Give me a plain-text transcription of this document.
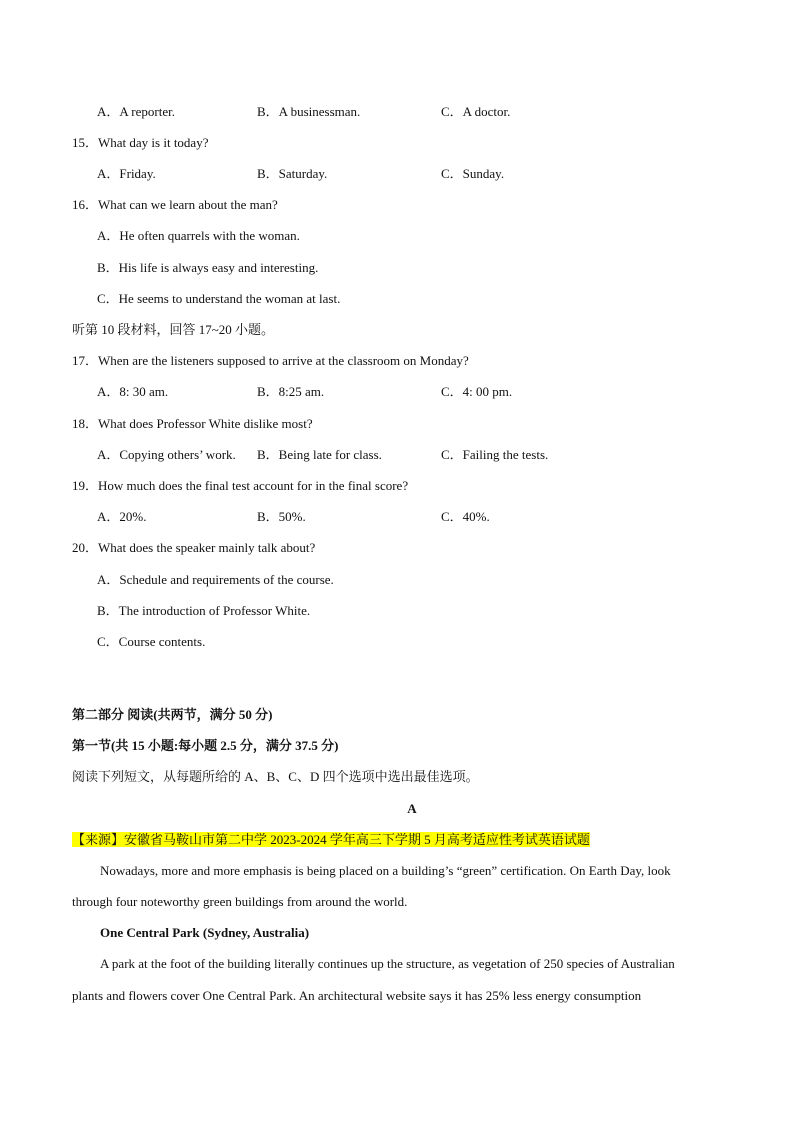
A．A reporter.	B．A businessman.	C．A doctor.
15．What day is it today?
A．Friday.	B．Saturday.	C．Sunday.
16．What can we learn about the man?
A．He often quarrels with the woman.
B．His life is always easy and interesting.
C．He seems to understand the woman at last.
听第 10 段材料，回答 17~20 小题。
17．When are the listeners supposed to arrive at the classroom on Monday?
A．8: 30 am.	B．8:25 am.	C．4: 00 pm.
18．What does Professor White dislike most?
A．Copying others’ work. B．Being late for class.	C．Failing the tests.
19．How much does the final test account for in the final score?
A．20%.	B．50%.	C．40%.
20．What does the speaker mainly talk about?
A．Schedule and requirements of the course.
B．The introduction of Professor White.
C．Course contents.
第二部分 阅读(共两节，满分 50 分)
第一节(共 15 小题:每小题 2.5 分，满分 37.5 分)
阅读下列短文，从每题所给的 A、B、C、D 四个选项中选出最佳选项。
A
【来源】安徽省马鞍山市第二中学 2023-2024 学年高三下学期 5 月高考适应性考试英语试题
Nowadays, more and more emphasis is being placed on a building’s “green” certification. On Earth Day, look
through four noteworthy green buildings from around the world.
One Central Park (Sydney, Australia)
A park at the foot of the building literally continues up the structure, as vegetation of 250 species of Australian
plants and flowers cover One Central Park. An architectural website says it has 25% less energy consumption
